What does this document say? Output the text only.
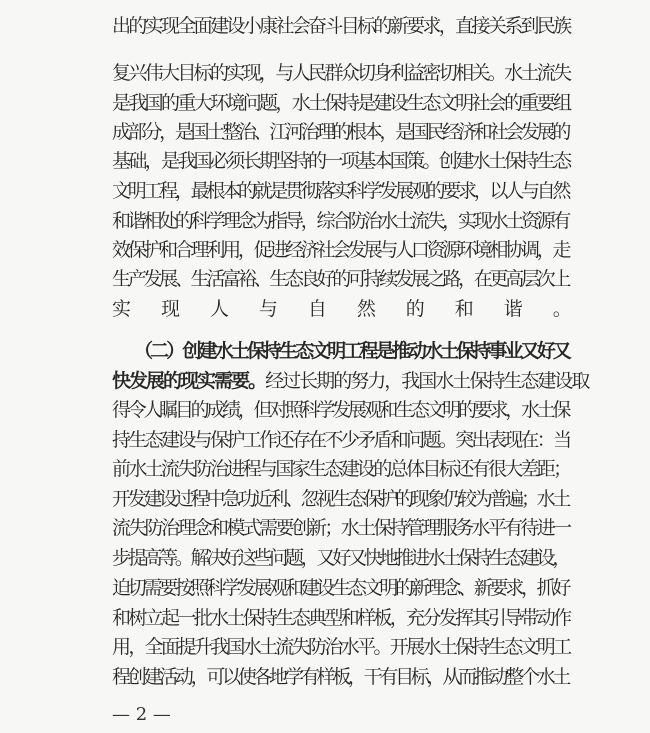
出的实现全面建设小康社会奋斗目标的新要求，直接关系到民族
复兴伟大目标的实现，与人民群众切身利益密切相关。水土流失
是我国的重大环境问题，水土保持是建设生态文明社会的重要组
成部分，是国土整治、江河治理的根本，是国民经济和社会发展的
基础，是我国必须长期坚持的一项基本国策。创建水土保持生态
文明工程，最根本的就是贯彻落实科学发展观的要求，以人与自然
和谐相处的科学理念为指导，综合防治水土流失，实现水土资源有
效保护和合理利用，促进经济社会发展与人口资源环境相协调，走
生产发展、生活富裕、生态良好的可持续发展之路，在更高层次上
实现人与自然的和谐。
（二）创建水土保持生态文明工程是推动水土保持事业又好又
快发展的现实需要。经过长期的努力，我国水土保持生态建设取
得令人瞩目的成绩，但对照科学发展观和生态文明的要求，水土保
持生态建设与保护工作还存在不少矛盾和问题。突出表现在：当
前水土流失防治进程与国家生态建设的总体目标还有很大差距；
开发建设过程中急功近利、忽视生态保护的现象仍较为普遍；水土
流失防治理念和模式需要创新；水土保持管理服务水平有待进一
步提高等。解决好这些问题，又好又快地推进水土保持生态建设，
迫切需要按照科学发展观和建设生态文明的新理念、新要求，抓好
和树立起一批水土保持生态典型和样板，充分发挥其引导带动作
用，全面提升我国水土流失防治水平。开展水土保持生态文明工
程创建活动，可以使各地学有样板，干有目标，从而推动整个水土
— 2 —
